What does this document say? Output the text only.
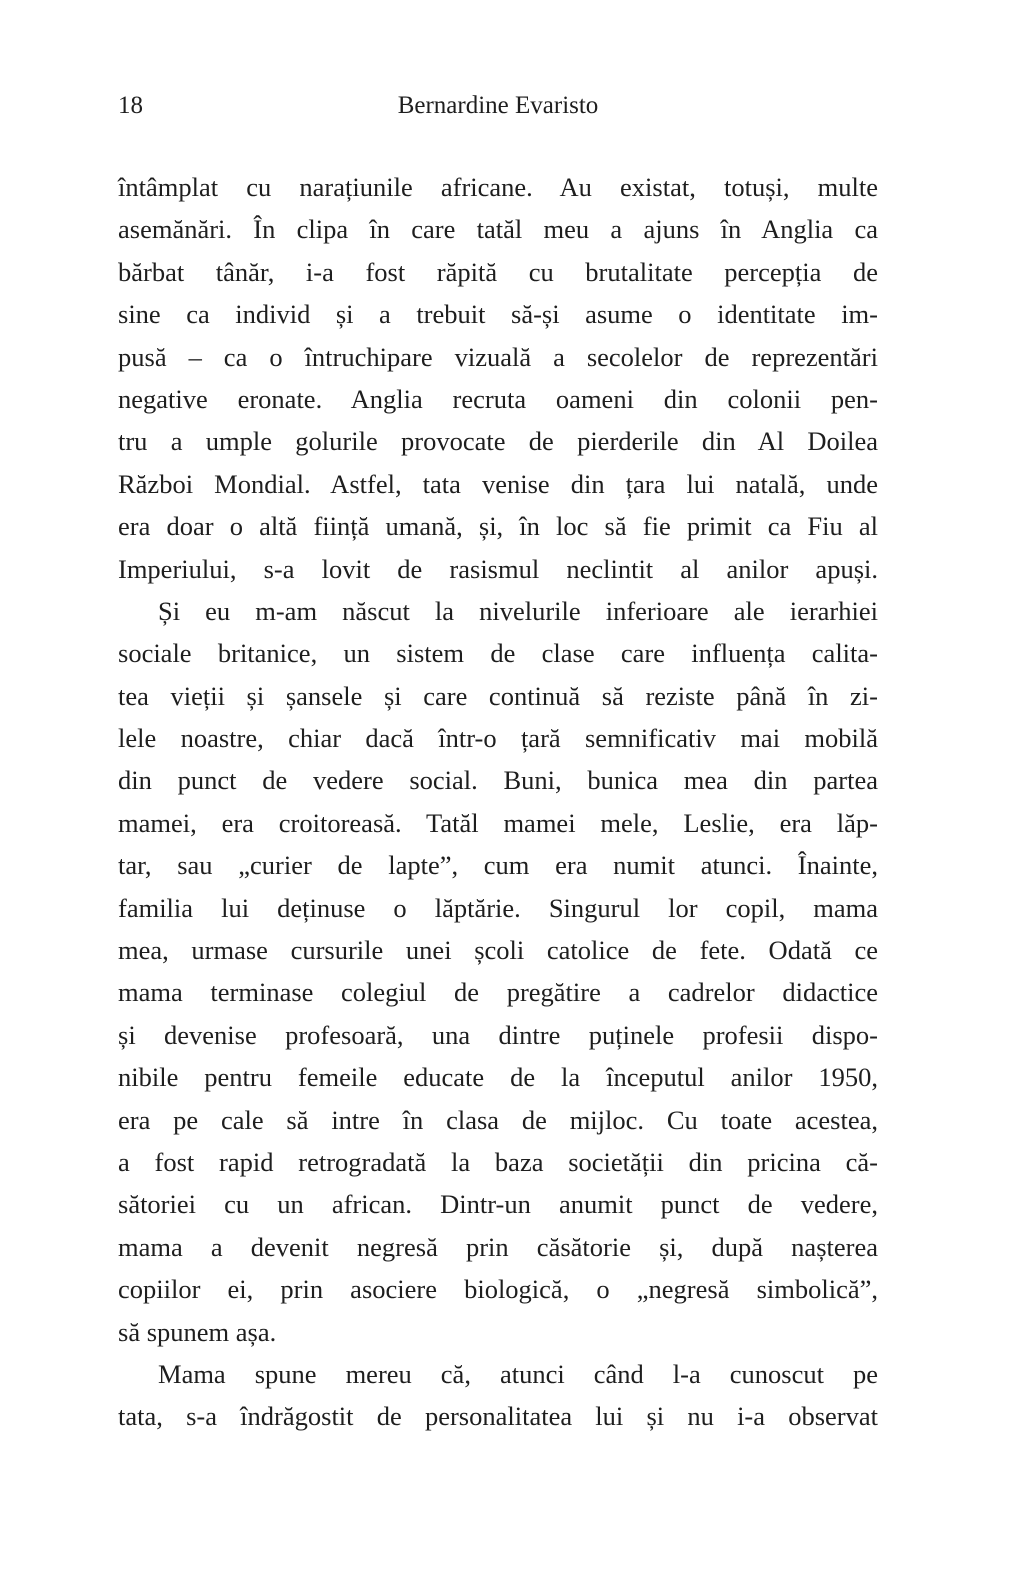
18	Bernardine Evaristo
întâmplat cu narațiunile africane. Au existat, totuși, multe
asemănări. În clipa în care tatăl meu a ajuns în Anglia ca
bărbat tânăr, i-a fost răpită cu brutalitate percepția de
sine ca individ și a trebuit să-și asume o identitate im-
pusă – ca o întruchipare vizuală a secolelor de reprezentări
negative eronate. Anglia recruta oameni din colonii pen-
tru a umple golurile provocate de pierderile din Al Doilea
Război Mondial. Astfel, tata venise din țara lui natală, unde
era doar o altă ființă umană, și, în loc să fie primit ca Fiu al
Imperiului, s-a lovit de rasismul neclintit al anilor apuși.
Și eu m-am născut la nivelurile inferioare ale ierarhiei
sociale britanice, un sistem de clase care influența calita-
tea vieții și șansele și care continuă să reziste până în zi-
lele noastre, chiar dacă într-o țară semnificativ mai mobilă
din punct de vedere social. Buni, bunica mea din partea
mamei, era croitoreasă. Tatăl mamei mele, Leslie, era lăp-
tar, sau „curier de lapte”, cum era numit atunci. Înainte,
familia lui deținuse o lăptărie. Singurul lor copil, mama
mea, urmase cursurile unei școli catolice de fete. Odată ce
mama terminase colegiul de pregătire a cadrelor didactice
și devenise profesoară, una dintre puținele profesii dispo-
nibile pentru femeile educate de la începutul anilor 1950,
era pe cale să intre în clasa de mijloc. Cu toate acestea,
a fost rapid retrogradată la baza societății din pricina că-
sătoriei cu un african. Dintr-un anumit punct de vedere,
mama a devenit negresă prin căsătorie și, după nașterea
copiilor ei, prin asociere biologică, o „negresă simbolică”,
să spunem așa.
Mama spune mereu că, atunci când l-a cunoscut pe
tata, s-a îndrăgostit de personalitatea lui și nu i-a observat
